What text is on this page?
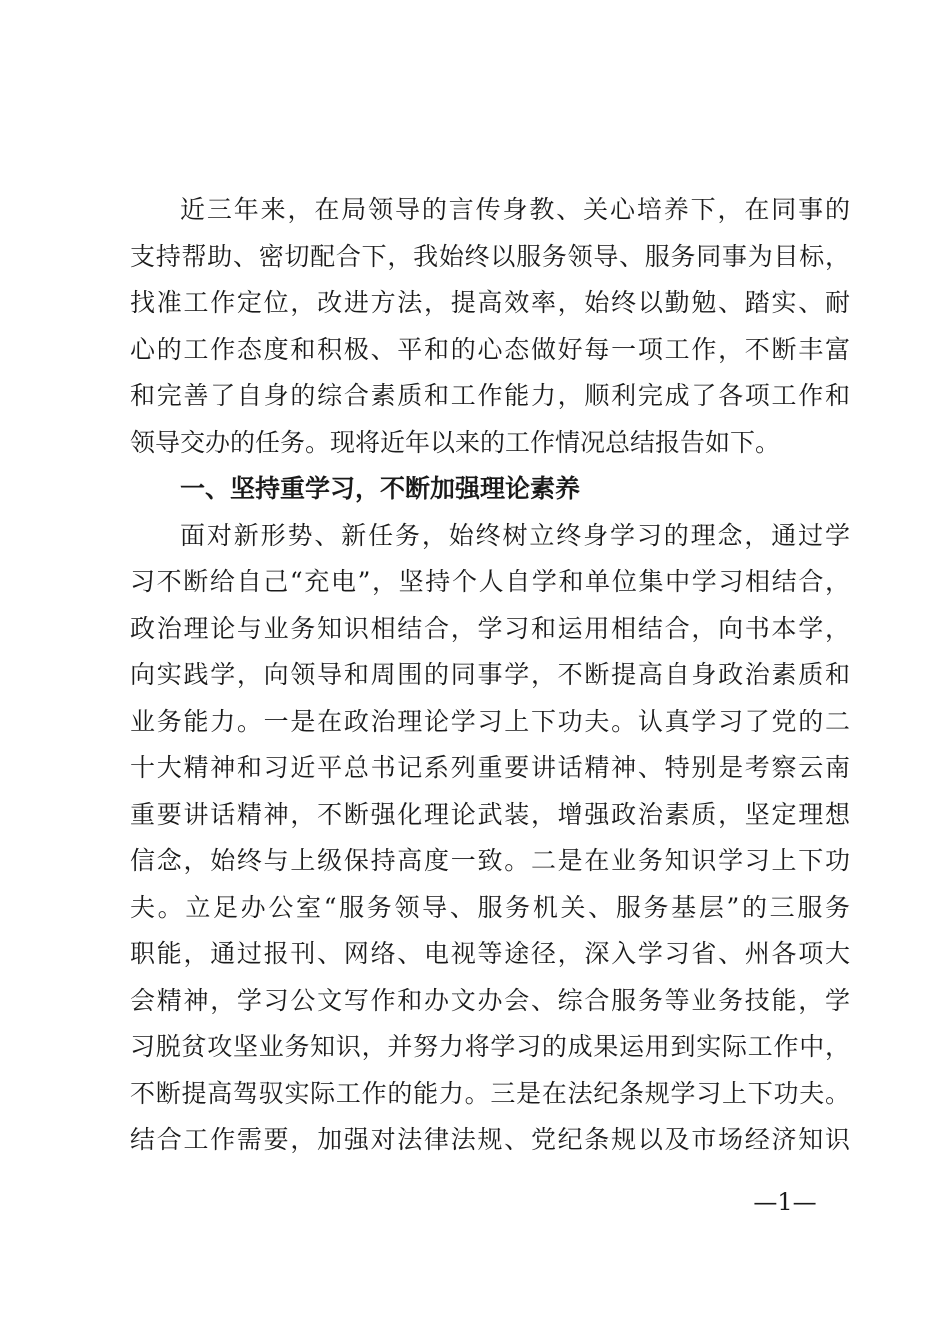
近三年来，在局领导的言传身教、关心培养下，在同事的
支持帮助、密切配合下，我始终以服务领导、服务同事为目标，
找准工作定位，改进方法，提高效率，始终以勤勉、踏实、耐
心的工作态度和积极、平和的心态做好每一项工作，不断丰富
和完善了自身的综合素质和工作能力，顺利完成了各项工作和
领导交办的任务。现将近年以来的工作情况总结报告如下。
一、坚持重学习，不断加强理论素养
面对新形势、新任务，始终树立终身学习的理念，通过学
习不断给自己“充电”，坚持个人自学和单位集中学习相结合，
政治理论与业务知识相结合，学习和运用相结合，向书本学，
向实践学，向领导和周围的同事学，不断提高自身政治素质和
业务能力。一是在政治理论学习上下功夫。认真学习了党的二
十大精神和习近平总书记系列重要讲话精神、特别是考察云南
重要讲话精神，不断强化理论武装，增强政治素质，坚定理想
信念，始终与上级保持高度一致。二是在业务知识学习上下功
夫。立足办公室“服务领导、服务机关、服务基层”的三服务
职能，通过报刊、网络、电视等途径，深入学习省、州各项大
会精神，学习公文写作和办文办会、综合服务等业务技能，学
习脱贫攻坚业务知识，并努力将学习的成果运用到实际工作中，
不断提高驾驭实际工作的能力。三是在法纪条规学习上下功夫。
结合工作需要，加强对法律法规、党纪条规以及市场经济知识
—1—
